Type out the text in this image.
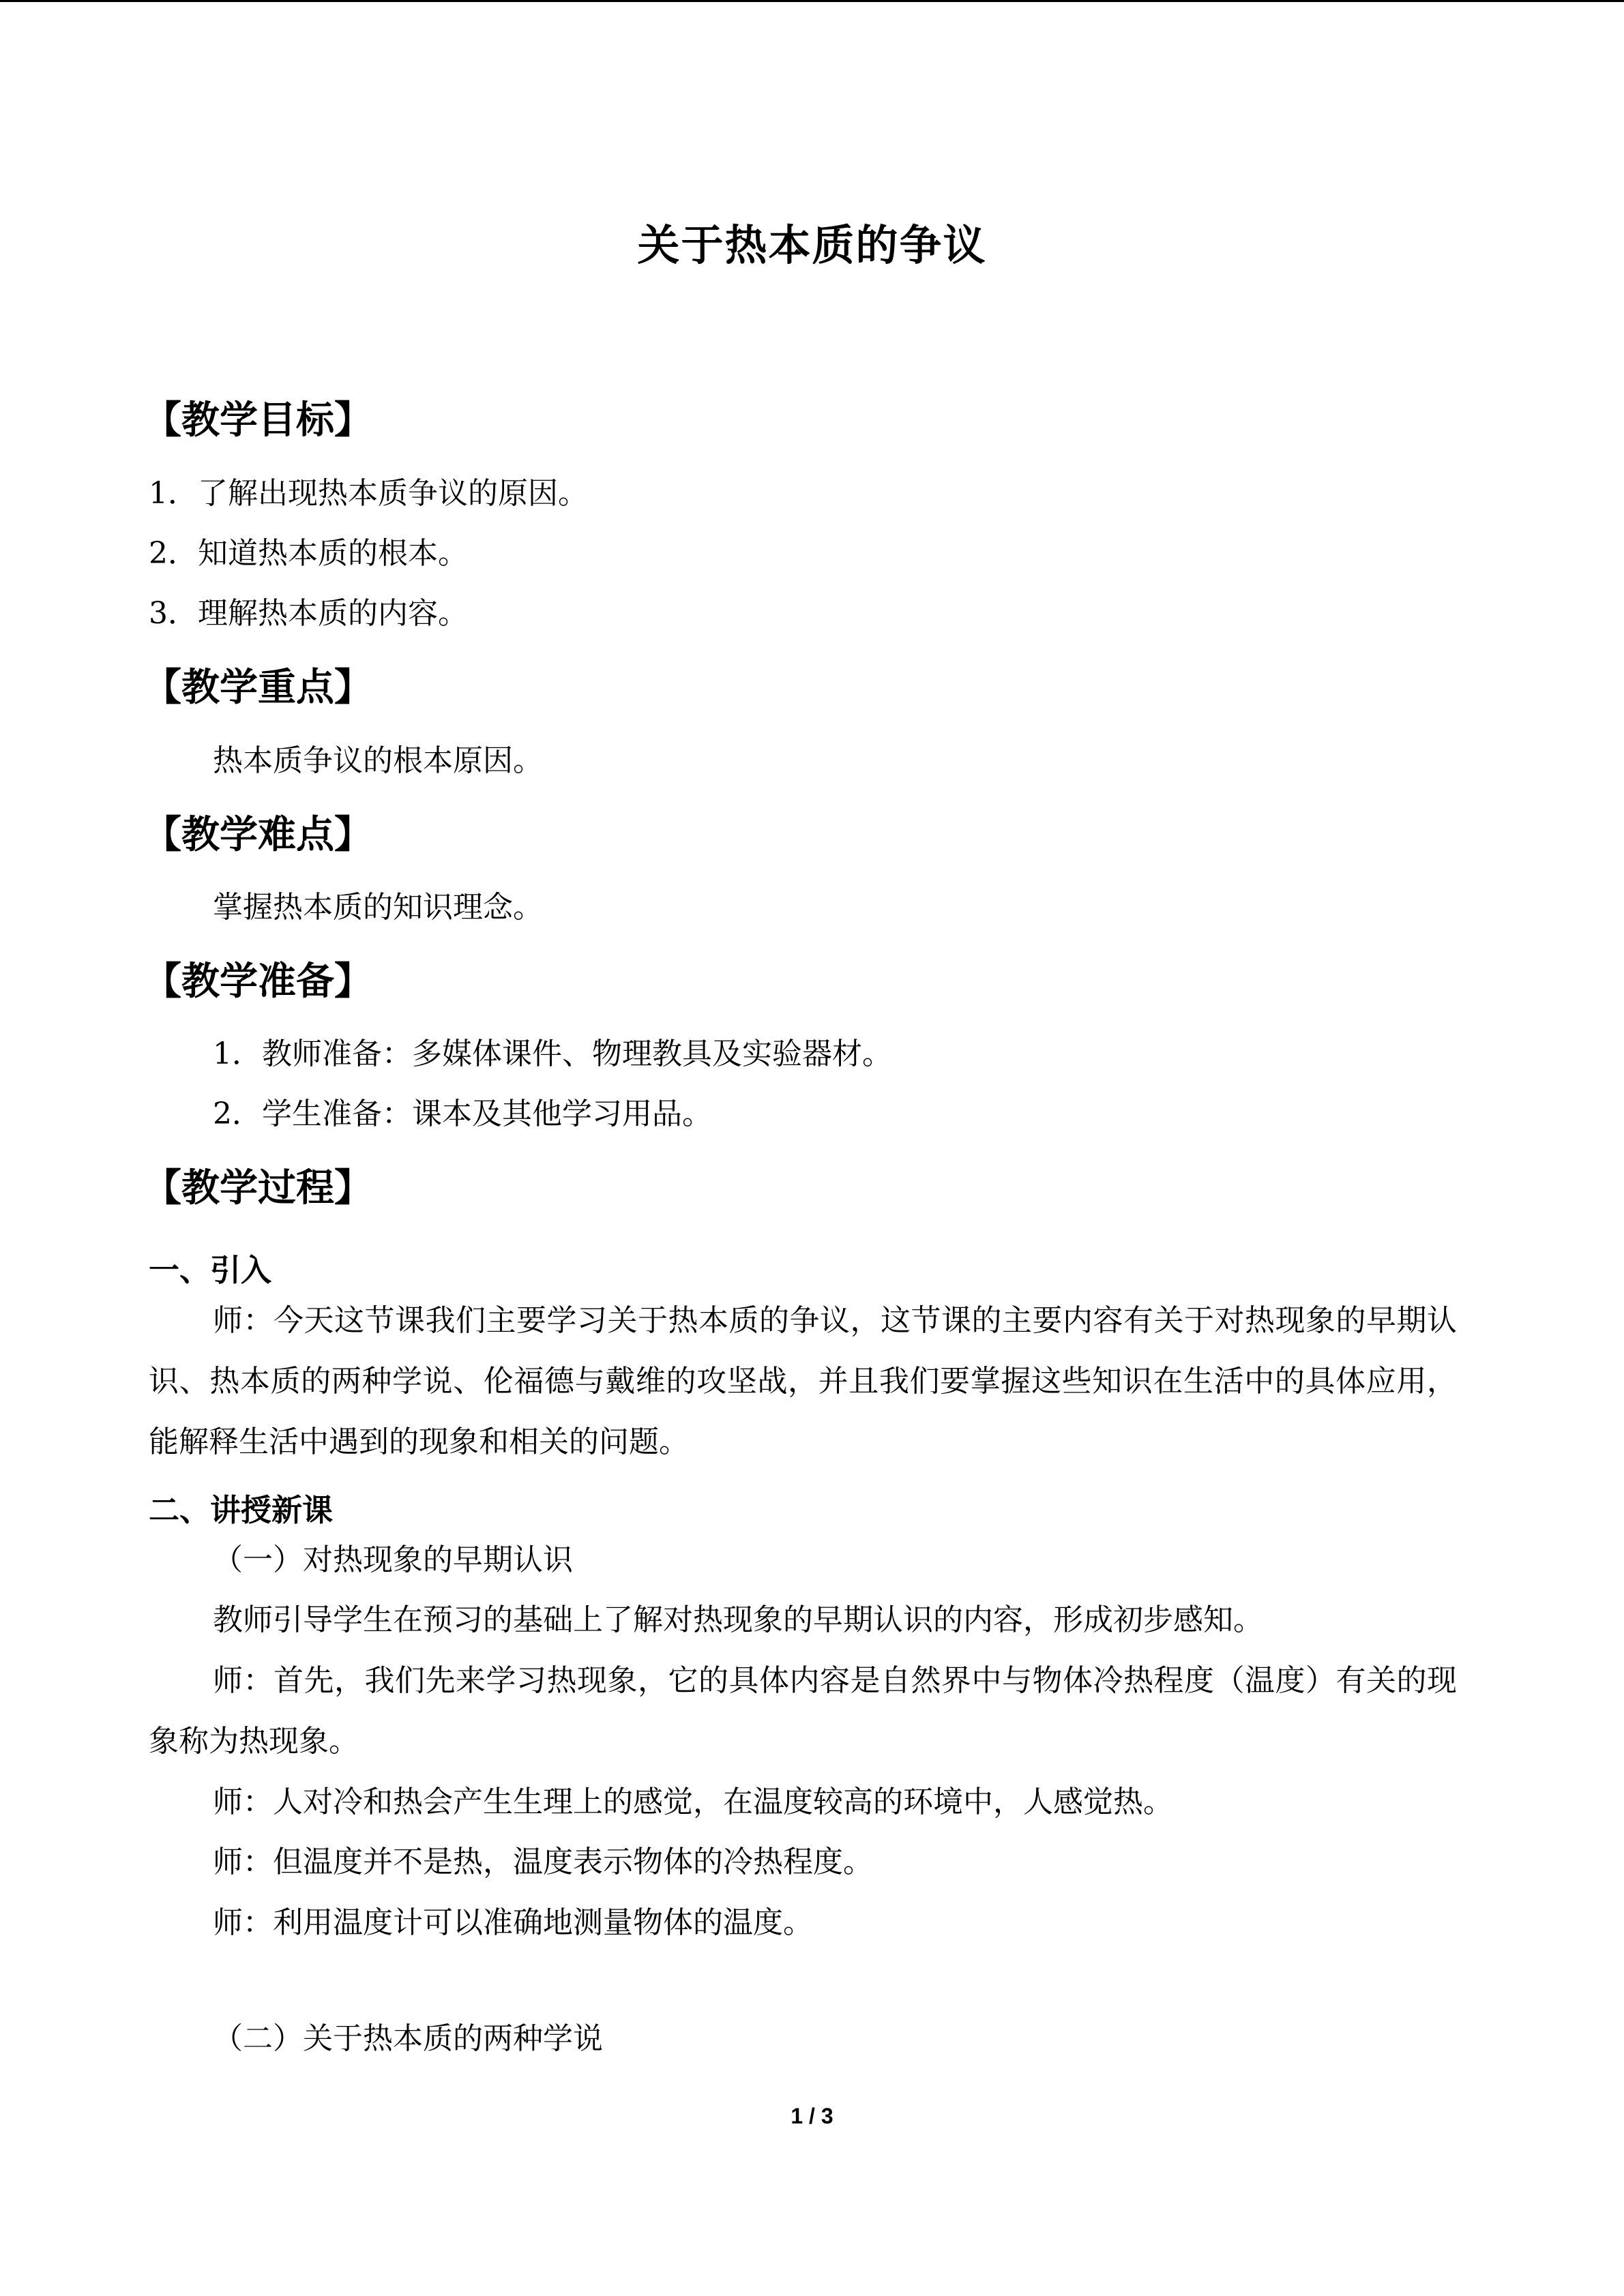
关于热本质的争议
【教学目标】
1．了解出现热本质争议的原因。
2．知道热本质的根本。
3．理解热本质的内容。
【教学重点】
热本质争议的根本原因。
【教学难点】
掌握热本质的知识理念。
【教学准备】
1．教师准备：多媒体课件、物理教具及实验器材。
2．学生准备：课本及其他学习用品。
【教学过程】
一、引入
师：今天这节课我们主要学习关于热本质的争议，这节课的主要内容有关于对热现象的早期认识、热本质的两种学说、伦福德与戴维的攻坚战，并且我们要掌握这些知识在生活中的具体应用，能解释生活中遇到的现象和相关的问题。
二、讲授新课
（一）对热现象的早期认识
教师引导学生在预习的基础上了解对热现象的早期认识的内容，形成初步感知。
师：首先，我们先来学习热现象，它的具体内容是自然界中与物体冷热程度（温度）有关的现象称为热现象。
师：人对冷和热会产生生理上的感觉，在温度较高的环境中，人感觉热。
师：但温度并不是热，温度表示物体的冷热程度。
师：利用温度计可以准确地测量物体的温度。
（二）关于热本质的两种学说
1 / 3
